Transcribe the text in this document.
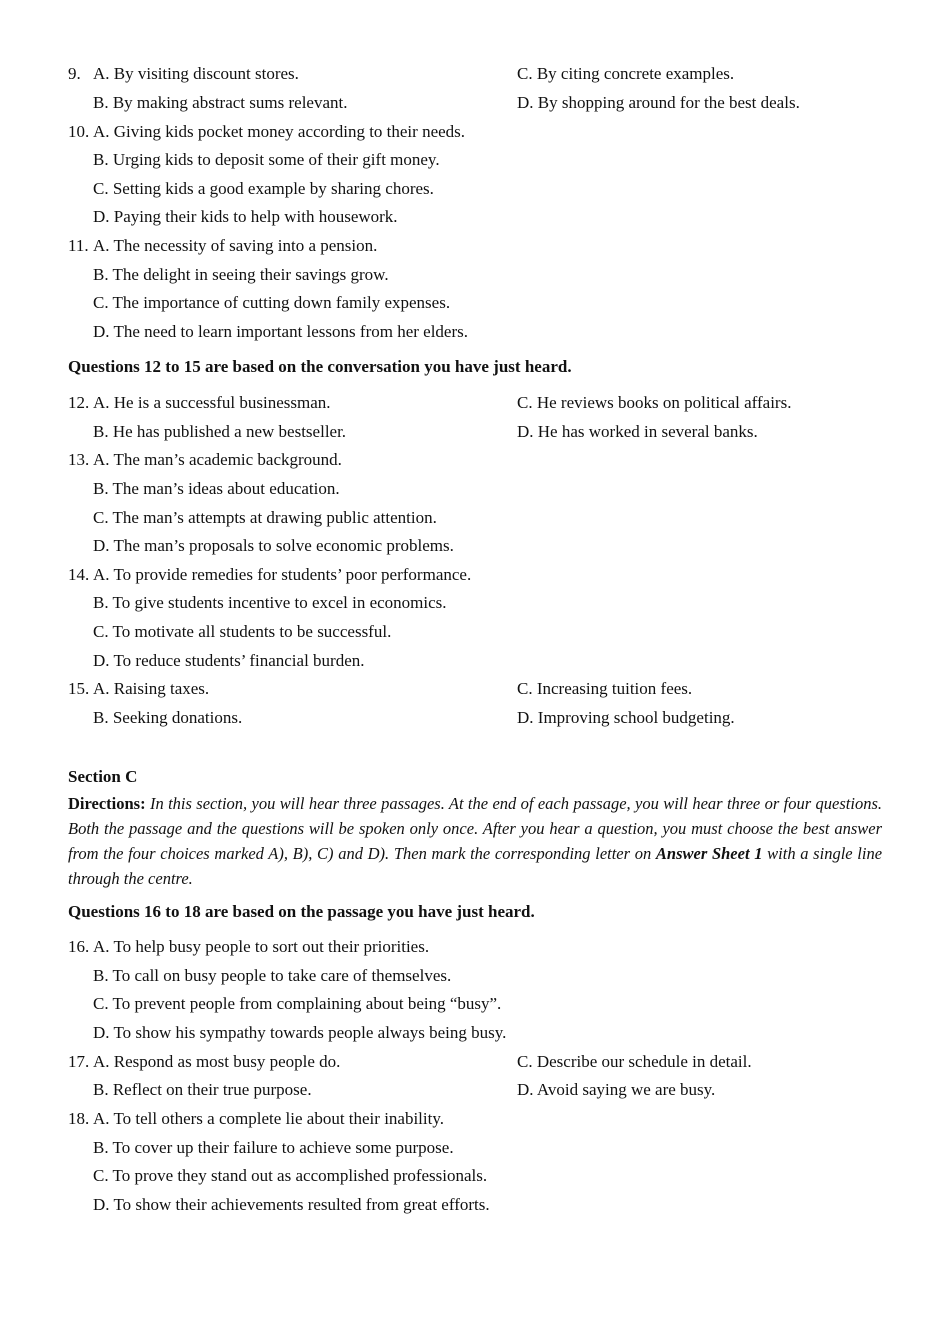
9. A. By visiting discount stores.	C. By citing concrete examples.
B. By making abstract sums relevant.	D. By shopping around for the best deals.
10. A. Giving kids pocket money according to their needs.
B. Urging kids to deposit some of their gift money.
C. Setting kids a good example by sharing chores.
D. Paying their kids to help with housework.
11. A. The necessity of saving into a pension.
B. The delight in seeing their savings grow.
C. The importance of cutting down family expenses.
D. The need to learn important lessons from her elders.
Questions 12 to 15 are based on the conversation you have just heard.
12. A. He is a successful businessman.	C. He reviews books on political affairs.
B. He has published a new bestseller.	D. He has worked in several banks.
13. A. The man’s academic background.
B. The man’s ideas about education.
C. The man’s attempts at drawing public attention.
D. The man’s proposals to solve economic problems.
14. A. To provide remedies for students’ poor performance.
B. To give students incentive to excel in economics.
C. To motivate all students to be successful.
D. To reduce students’ financial burden.
15. A. Raising taxes.	C. Increasing tuition fees.
B. Seeking donations.	D. Improving school budgeting.
Section C
Directions: In this section, you will hear three passages. At the end of each passage, you will hear three or four questions. Both the passage and the questions will be spoken only once. After you hear a question, you must choose the best answer from the four choices marked A), B), C) and D). Then mark the corresponding letter on Answer Sheet 1 with a single line through the centre.
Questions 16 to 18 are based on the passage you have just heard.
16. A. To help busy people to sort out their priorities.
B. To call on busy people to take care of themselves.
C. To prevent people from complaining about being “busy”.
D. To show his sympathy towards people always being busy.
17. A. Respond as most busy people do.	C. Describe our schedule in detail.
B. Reflect on their true purpose.	D. Avoid saying we are busy.
18. A. To tell others a complete lie about their inability.
B. To cover up their failure to achieve some purpose.
C. To prove they stand out as accomplished professionals.
D. To show their achievements resulted from great efforts.
